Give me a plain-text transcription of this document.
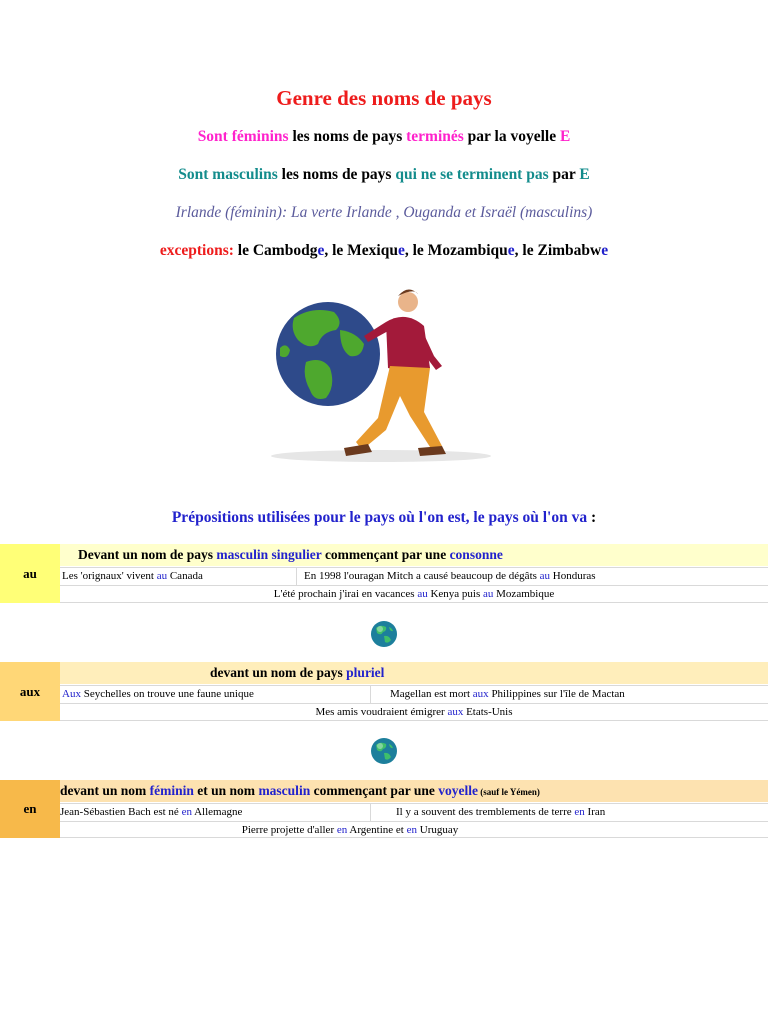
Genre des noms de pays
Sont féminins les noms de pays terminés par la voyelle E
Sont masculins les noms de pays qui ne se terminent pas par E
Irlande (féminin): La verte Irlande , Ouganda et Israël (masculins)
exceptions: le Cambodge, le Mexique, le Mozambique, le Zimbabwe
Prépositions utilisées pour le pays où l'on est, le pays où l'on va :
au
Devant un nom de pays masculin singulier commençant par une consonne
Les 'orignaux' vivent au Canada	En 1998 l'ouragan Mitch a causé beaucoup de dégâts au Honduras
L'été prochain j'irai en vacances au Kenya puis au Mozambique
aux
devant un nom de pays pluriel
Aux Seychelles on trouve une faune unique	Magellan est mort aux Philippines sur l'île de Mactan
Mes amis voudraient émigrer aux Etats-Unis
en
devant un nom féminin et un nom masculin commençant par une voyelle (sauf le Yémen)
Jean-Sébastien Bach est né en Allemagne	Il y a souvent des tremblements de terre en Iran
Pierre projette d'aller en Argentine et en Uruguay
